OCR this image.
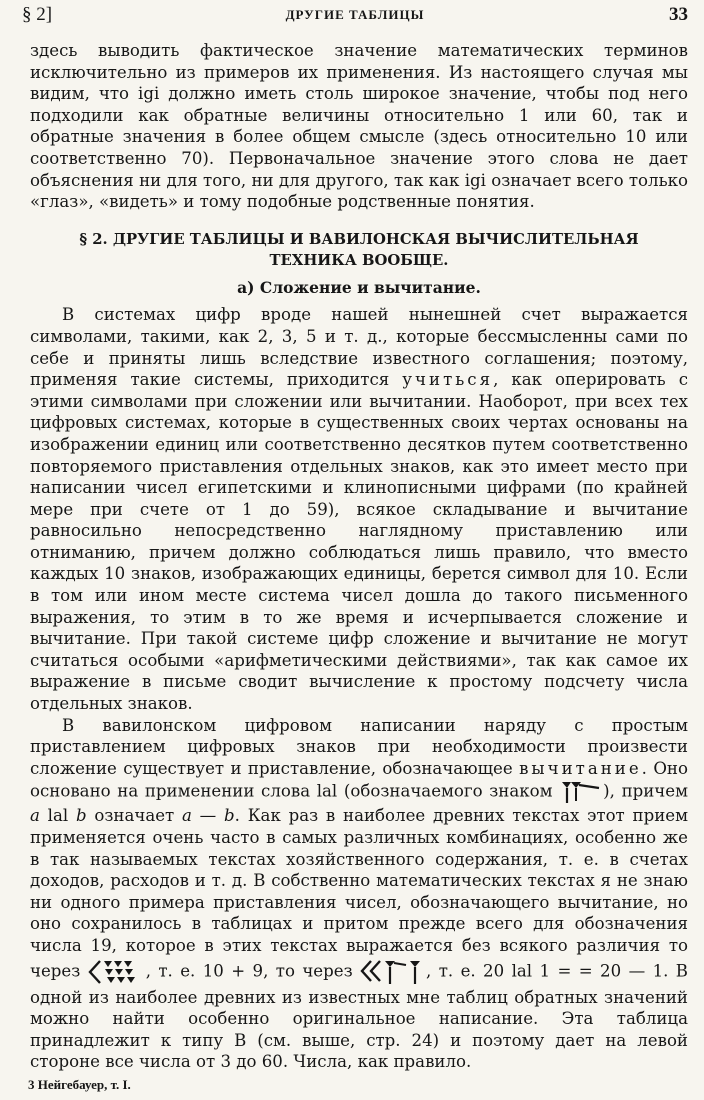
§ 2]	ДРУГИЕ ТАБЛИЦЫ	33

здесь выводить фактическое значение математических терминов исключительно из примеров их применения. Из настоящего случая мы видим, что igi должно иметь столь широкое значение, чтобы под него подходили как обратные величины относительно 1 или 60, так и обратные значения в более общем смысле (здесь относительно 10 или соответственно 70). Первоначальное значение этого слова не дает объяснения ни для того, ни для другого, так как igi означает всего только «глаз», «видеть» и тому подобные родственные понятия.

§ 2. ДРУГИЕ ТАБЛИЦЫ И ВАВИЛОНСКАЯ ВЫЧИСЛИТЕЛЬНАЯ ТЕХНИКА ВООБЩЕ.
а) Сложение и вычитание.

В системах цифр вроде нашей нынешней счет выражается символами, такими, как 2, 3, 5 и т. д., которые бессмысленны сами по себе и приняты лишь вследствие известного соглашения; поэтому, применяя такие системы, приходится учиться, как оперировать с этими символами при сложении или вычитании. Наоборот, при всех тех цифровых системах, которые в существенных своих чертах основаны на изображении единиц или соответственно десятков путем соответственно повторяемого приставления отдельных знаков, как это имеет место при написании чисел египетскими и клинописными цифрами (по крайней мере при счете от 1 до 59), всякое складывание и вычитание равносильно непосредственно наглядному приставлению или отниманию, причем должно соблюдаться лишь правило, что вместо каждых 10 знаков, изображающих единицы, берется символ для 10. Если в том или ином месте система чисел дошла до такого письменного выражения, то этим в то же время и исчерпывается сложение и вычитание. При такой системе цифр сложение и вычитание не могут считаться особыми «арифметическими действиями», так как самое их выражение в письме сводит вычисление к простому подсчету числа отдельных знаков.

В вавилонском цифровом написании наряду с простым приставлением цифровых знаков при необходимости произвести сложение существует и приставление, обозначающее вычитание. Оно основано на применении слова lal (обозначаемого знаком	), причем a lal b означает a — b. Как раз в наиболее древних текстах этот прием применяется очень часто в самых различных комбинациях, особенно же в так называемых текстах хозяйственного содержания, т. е. в счетах доходов, расходов и т. д. В собственно математических текстах я не знаю ни одного примера приставления чисел, обозначающего вычитание, но оно сохранилось в таблицах и притом прежде всего для обозначения числа 19, которое в этих текстах выражается без всякого различия то через	, т. е. 10 + 9, то через	, т. е. 20 lal 1 = = 20 — 1. В одной из наиболее древних из известных мне таблиц обратных значений можно найти особенно оригинальное написание. Эта таблица принадлежит к типу B (см. выше, стр. 24) и поэтому дает на левой стороне все числа от 3 до 60. Числа, как правило.

3 Нейгебауер, т. I.
